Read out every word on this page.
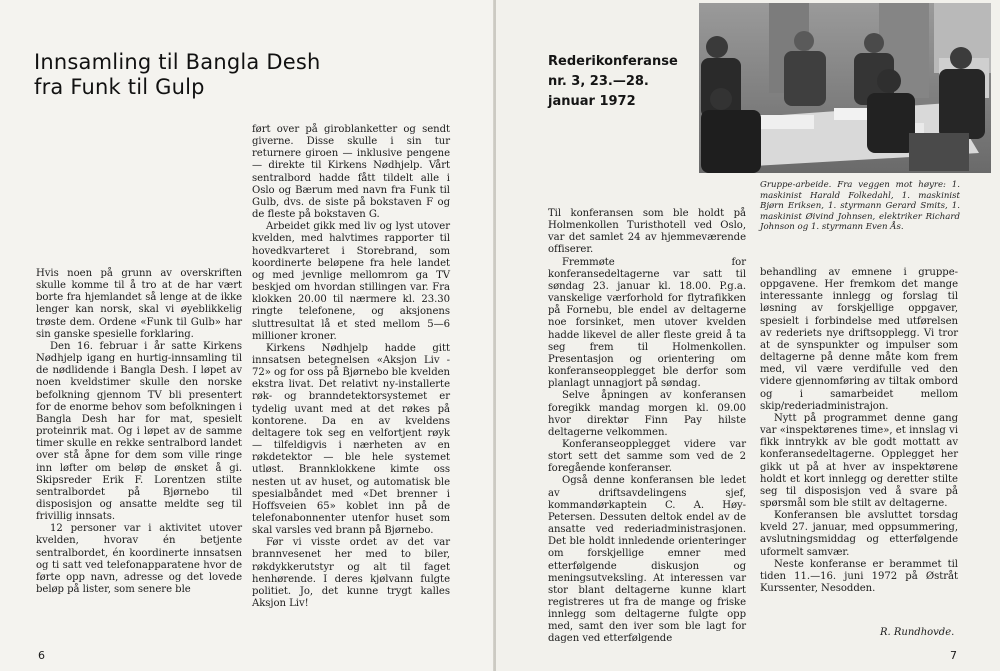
Innsamling til Bangla Desh
fra Funk til Gulp

Hvis noen på grunn av overskriften skulle komme til å tro at de har vært borte fra hjemlandet så lenge at de ikke lenger kan norsk, skal vi øyeblikkelig trøste dem. Ordene «Funk til Gulb» har sin ganske spesielle forklaring.

Den 16. februar i år satte Kirkens Nødhjelp igang en hurtig-innsamling til de nødlidende i Bangla Desh. I løpet av noen kveldstimer skulle den norske befolkning gjennom TV bli presentert for de enorme behov som befolkningen i Bangla Desh har for mat, spesielt proteinrik mat. Og i løpet av de samme timer skulle en rekke sentralbord landet over stå åpne for dem som ville ringe inn løfter om beløp de ønsket å gi. Skipsreder Erik F. Lorentzen stilte sentralbordet på Bjørnebo til disposisjon og ansatte meldte seg til frivillig innsats.

12 personer var i aktivitet utover kvelden, hvorav én betjente sentralbordet, én koordinerte innsatsen og ti satt ved telefonapparatene hvor de førte opp navn, adresse og det lovede beløp på lister, som senere ble

ført over på giroblanketter og sendt giverne. Disse skulle i sin tur returnere giroen — inklusive pengene — direkte til Kirkens Nødhjelp. Vårt sentralbord hadde fått tildelt alle i Oslo og Bærum med navn fra Funk til Gulb, dvs. de siste på bokstaven F og de fleste på bokstaven G.

Arbeidet gikk med liv og lyst utover kvelden, med halvtimes rapporter til hovedkvarteret i Storebrand, som koordinerte beløpene fra hele landet og med jevnlige mellomrom ga TV beskjed om hvordan stillingen var. Fra klokken 20.00 til nærmere kl. 23.30 ringte telefonene, og aksjonens sluttresultat lå et sted mellom 5—6 millioner kroner.

Kirkens Nødhjelp hadde gitt innsatsen betegnelsen «Aksjon Liv - 72» og for oss på Bjørnebo ble kvelden ekstra livat. Det relativt ny-installerte røk- og branndetektorsystemet er tydelig uvant med at det røkes på kontorene. Da en av kveldens deltagere tok seg en velfortjent røyk — tilfeldigvis i nærheten av en røkdetektor — ble hele systemet utløst. Brannklokkene kimte oss nesten ut av huset, og automatisk ble spesialbåndet med «Det brenner i Hoffsveien 65» koblet inn på de telefonabonnenter utenfor huset som skal varsles ved brann på Bjørnebo.

Før vi visste ordet av det var brannvesenet her med to biler, røkdykkerutstyr og alt til faget henhørende. I deres kjølvann fulgte politiet. Jo, det kunne trygt kalles Aksjon Liv!

6
Rederikonferanse
nr. 3, 23.—28.
januar 1972
Gruppe-arbeide. Fra veggen mot høyre: 1. maskinist Harald Folkedahl, 1. maskinist Bjørn Eriksen, 1. styrmann Gerard Smits, 1. maskinist Øivind Johnsen, elektriker Richard Johnson og 1. styrmann Even Ås.

Til konferansen som ble holdt på Holmenkollen Turisthotell ved Oslo, var det samlet 24 av hjemmeværende offiserer.

Fremmøte for konferansedeltagerne var satt til søndag 23. januar kl. 18.00. P.g.a. vanskelige værforhold for flytrafikken på Fornebu, ble endel av deltagerne noe forsinket, men utover kvelden hadde likevel de aller fleste greid å ta seg frem til Holmenkollen. Presentasjon og orientering om konferanseopplegget ble derfor som planlagt unnagjort på søndag.

Selve åpningen av konferansen foregikk mandag morgen kl. 09.00 hvor direktør Finn Pay hilste deltagerne velkommen.

Konferanseopplegget videre var stort sett det samme som ved de 2 foregående konferanser.

Også denne konferansen ble ledet av driftsavdelingens sjef, kommandørkaptein C. A. Høy-Petersen. Dessuten deltok endel av de ansatte ved rederiadministrasjonen. Det ble holdt innledende orienteringer om forskjellige emner med etterfølgende diskusjon og meningsutveksling. At interessen var stor blant deltagerne kunne klart registreres ut fra de mange og friske innlegg som deltagerne fulgte opp med, samt den iver som ble lagt for dagen ved etterfølgende

behandling av emnene i gruppe-oppgavene. Her fremkom det mange interessante innlegg og forslag til løsning av forskjellige oppgaver, spesielt i forbindelse med utførelsen av rederiets nye driftsopplegg. Vi tror at de synspunkter og impulser som deltagerne på denne måte kom frem med, vil være verdifulle ved den videre gjennomføring av tiltak ombord og i samarbeidet mellom skip/rederiadministrajon.

Nytt på programmet denne gang var «inspektørenes time», et innslag vi fikk inntrykk av ble godt mottatt av konferansedeltagerne. Opplegget her gikk ut på at hver av inspektørene holdt et kort innlegg og deretter stilte seg til disposisjon ved å svare på spørsmål som ble stilt av deltagerne.

Konferansen ble avsluttet torsdag kveld 27. januar, med oppsummering, avslutningsmiddag og etterfølgende uformelt samvær.

Neste konferanse er berammet til tiden 11.—16. juni 1972 på Østråt Kurssenter, Nesodden.

R. Rundhovde.
7
